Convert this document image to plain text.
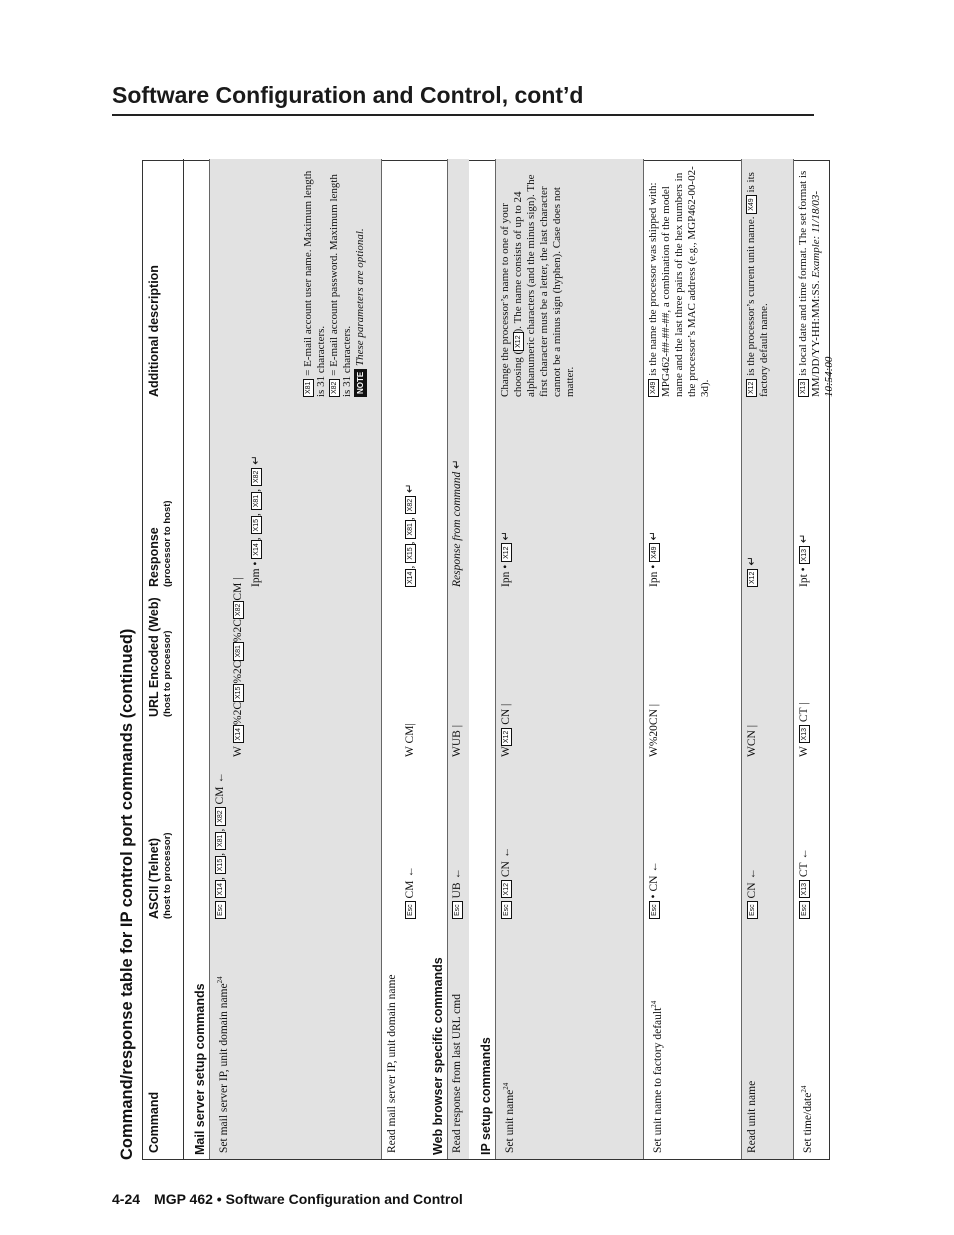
Software Configuration and Control, cont’d
Command/response table for IP control port commands (continued) Command
ASCII (Telnet) (host to processor)
URL Encoded (Web) (host to processor)
Response (processor to host)
Additional description
Mail server setup commands Set mail server IP, unit domain name$^{24}$
Esc X14, X15, X81, X82 CM ←
W X14%2CX15%2CX81%2CX82CM |
Ipm • X14, X15, X81, X82 ↵
X81 = E-mail account user name. Maximum length is 31 characters. X82 = E-mail account password. Maximum length is 31 characters. NOTE These parameters are optional.
Read mail server IP, unit domain name
Esc CM ←
W CM|
X14, X15, X81, X82 ↵
Web browser specific commands Read response from last URL cmd
Esc UB ←
WUB |
Response from command ↵
IP setup commands Set unit name$^{24}$
Esc X12 CN ←
WX12 CN |
Ipn • X12 ↵
Change the processor’s name to one of your choosing (X12). The name consists of up to 24 alphanumeric characters (and the minus sign). The first character must be a letter, the last character cannot be a minus sign (hyphen). Case does not matter.
Set unit name to factory default$^{24}$
Esc • CN ←
W%20CN |
Ipn • X49 ↵
X49 is the name the processor was shipped with: MPG462-##-##-##, a combination of the model name and the last three pairs of the hex numbers in the processor’s MAC address (e.g., MGP462-00-02-3d).
Read unit name
Esc CN ←
WCN |
X12 ↵
X12 is the processor’s current unit name. X49 is its factory default name.
Set time/date$^{24}$
Esc X13 CT ←
W X13 CT |
Ipt • X13 ↵
X13 is local date and time format. The set format is MM/DD/YY-HH:MM:SS. Example: 11/18/03-10:54:00
4-24 MGP 462 • Software Configuration and Control
